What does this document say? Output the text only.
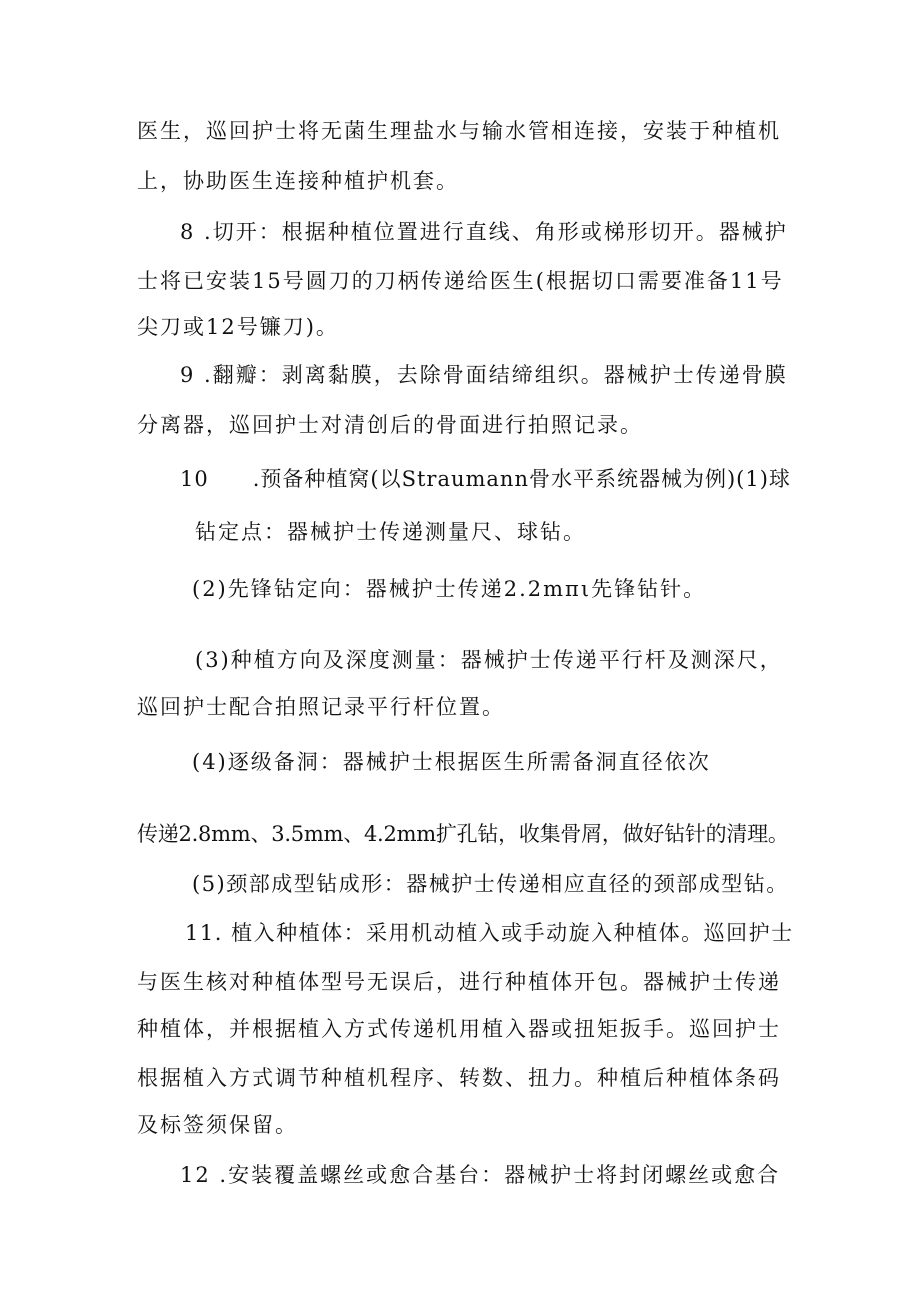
医生，巡回护士将无菌生理盐水与输水管相连接，安装于种植机
上，协助医生连接种植护机套。
8 .切开：根据种植位置进行直线、角形或梯形切开。器械护
士将已安装15号圆刀的刀柄传递给医生(根据切口需要准备11号
尖刀或12号镰刀)。
9 .翻瓣：剥离黏膜，去除骨面结缔组织。器械护士传递骨膜
分离器，巡回护士对清创后的骨面进行拍照记录。
10　　.预备种植窝(以Straumann骨水平系统器械为例)(1)球
钻定点：器械护士传递测量尺、球钻。
(2)先锋钻定向：器械护士传递2.2mπι先锋钻针。
(3)种植方向及深度测量：器械护士传递平行杆及测深尺，
巡回护士配合拍照记录平行杆位置。
(4)逐级备洞：器械护士根据医生所需备洞直径依次
传递2.8mm、3.5mm、4.2mm扩孔钻，收集骨屑，做好钻针的清理。
(5)颈部成型钻成形：器械护士传递相应直径的颈部成型钻。
11. 植入种植体：采用机动植入或手动旋入种植体。巡回护士
与医生核对种植体型号无误后，进行种植体开包。器械护士传递
种植体，并根据植入方式传递机用植入器或扭矩扳手。巡回护士
根据植入方式调节种植机程序、转数、扭力。种植后种植体条码
及标签须保留。
12 .安装覆盖螺丝或愈合基台：器械护士将封闭螺丝或愈合
